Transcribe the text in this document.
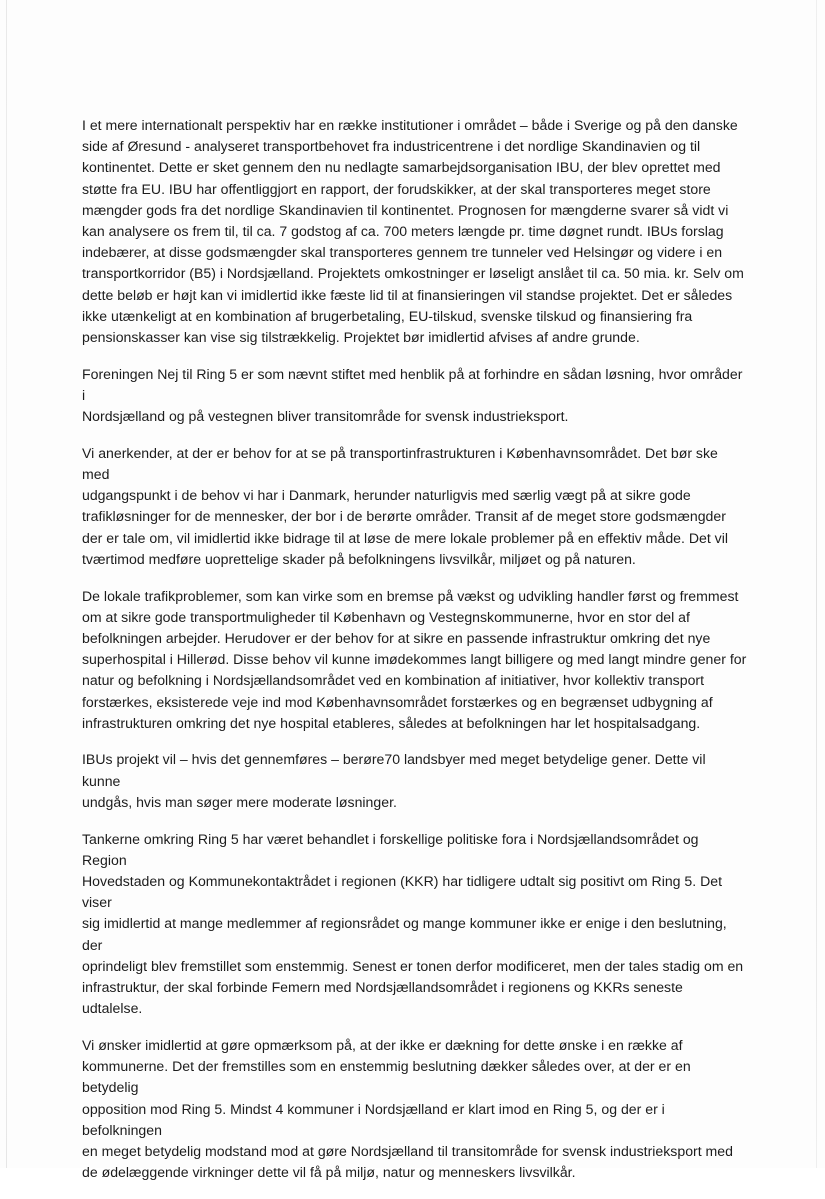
I et mere internationalt perspektiv har en række institutioner i området – både i Sverige og på den danske
side af Øresund - analyseret transportbehovet fra industricentrene i det nordlige Skandinavien og til
kontinentet. Dette er sket gennem den nu nedlagte samarbejdsorganisation IBU, der blev oprettet med
støtte fra EU. IBU har offentliggjort en rapport, der forudskikker, at der skal transporteres meget store
mængder gods fra det nordlige Skandinavien til kontinentet. Prognosen for mængderne svarer så vidt vi
kan analysere os frem til, til ca. 7 godstog af ca. 700 meters længde pr. time døgnet rundt. IBUs forslag
indebærer, at disse godsmængder skal transporteres gennem tre tunneler ved Helsingør og videre i en
transportkorridor (B5) i Nordsjælland. Projektets omkostninger er løseligt anslået til ca. 50 mia. kr. Selv om
dette beløb er højt kan vi imidlertid ikke fæste lid til at finansieringen vil standse projektet. Det er således
ikke utænkeligt at en kombination af brugerbetaling, EU-tilskud, svenske tilskud og finansiering fra
pensionskasser kan vise sig tilstrækkelig. Projektet bør imidlertid afvises af andre grunde.

Foreningen Nej til Ring 5 er som nævnt stiftet med henblik på at forhindre en sådan løsning, hvor områder i
Nordsjælland og på vestegnen bliver transitområde for svensk industrieksport.

Vi anerkender, at der er behov for at se på transportinfrastrukturen i Københavnsområdet. Det bør ske med
udgangspunkt i de behov vi har i Danmark, herunder naturligvis med særlig vægt på at sikre gode
trafikløsninger for de mennesker, der bor i de berørte områder. Transit af de meget store godsmængder
der er tale om, vil imidlertid ikke bidrage til at løse de mere lokale problemer på en effektiv måde. Det vil
tværtimod medføre uoprettelige skader på befolkningens livsvilkår, miljøet og på naturen.

De lokale trafikproblemer, som kan virke som en bremse på vækst og udvikling handler først og fremmest
om at sikre gode transportmuligheder til København og Vestegnskommunerne, hvor en stor del af
befolkningen arbejder. Herudover er der behov for at sikre en passende infrastruktur omkring det nye
superhospital i Hillerød. Disse behov vil kunne imødekommes langt billigere og med langt mindre gener for
natur og befolkning i Nordsjællandsområdet ved en kombination af initiativer, hvor kollektiv transport
forstærkes, eksisterede veje ind mod Københavnsområdet forstærkes og en begrænset udbygning af
infrastrukturen omkring det nye hospital etableres, således at befolkningen har let hospitalsadgang.

IBUs projekt vil – hvis det gennemføres – berøre70 landsbyer med meget betydelige gener. Dette vil kunne
undgås, hvis man søger mere moderate løsninger.

Tankerne omkring Ring 5 har været behandlet i forskellige politiske fora i Nordsjællandsområdet og Region
Hovedstaden og Kommunekontaktrådet i regionen (KKR) har tidligere udtalt sig positivt om Ring 5. Det viser
sig imidlertid at mange medlemmer af regionsrådet og mange kommuner ikke er enige i den beslutning, der
oprindeligt blev fremstillet som enstemmig. Senest er tonen derfor modificeret, men der tales stadig om en
infrastruktur, der skal forbinde Femern med Nordsjællandsområdet i regionens og KKRs seneste udtalelse.

Vi ønsker imidlertid at gøre opmærksom på, at der ikke er dækning for dette ønske i en række af
kommunerne. Det der fremstilles som en enstemmig beslutning dækker således over, at der er en betydelig
opposition mod Ring 5. Mindst 4 kommuner i Nordsjælland er klart imod en Ring 5, og der er i befolkningen
en meget betydelig modstand mod at gøre Nordsjælland til transitområde for svensk industrieksport med
de ødelæggende virkninger dette vil få på miljø, natur og menneskers livsvilkår.
